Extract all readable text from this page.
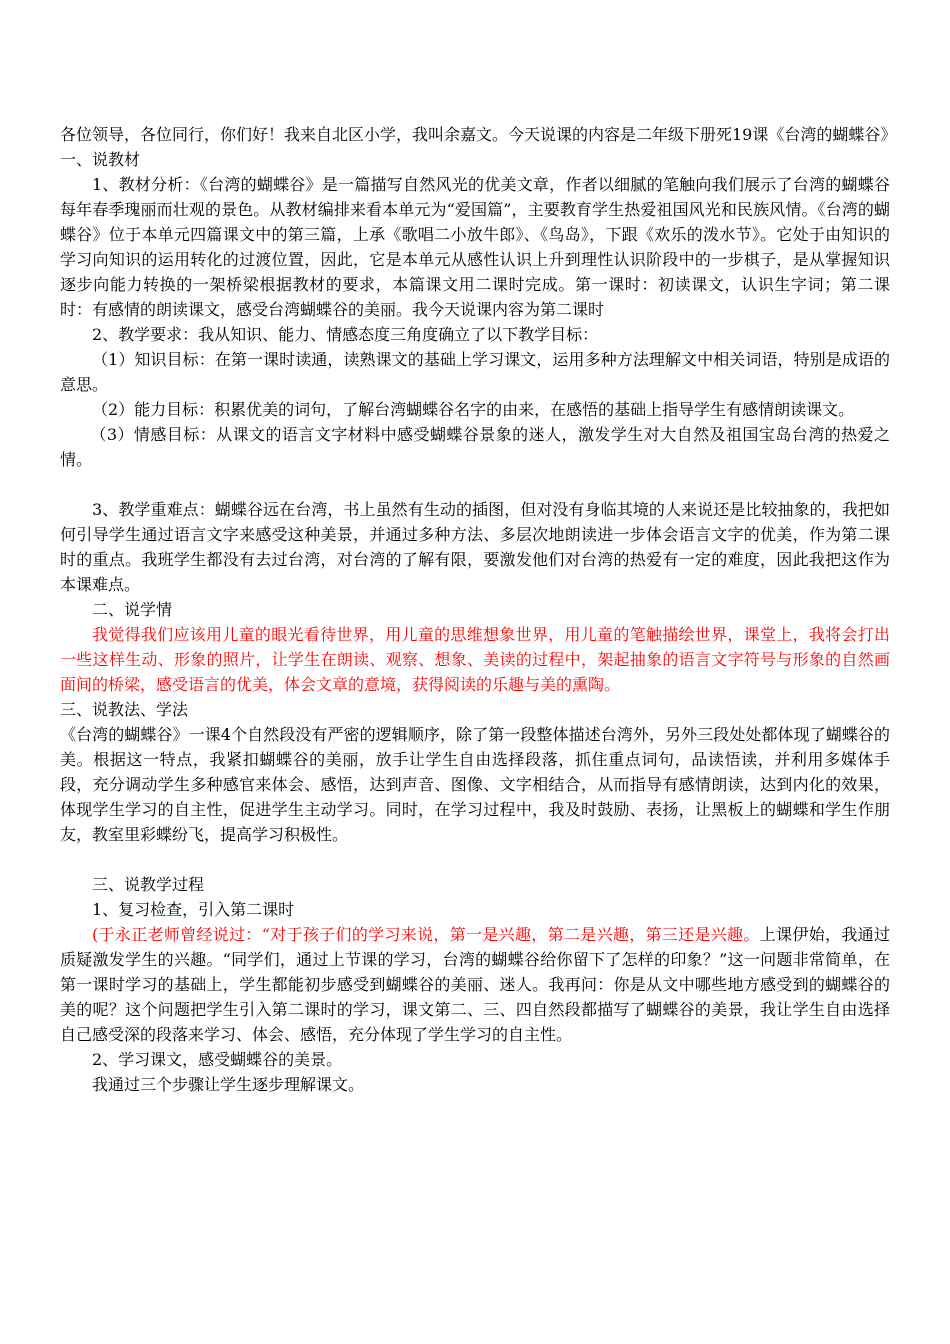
各位领导，各位同行，你们好！我来自北区小学，我叫余嘉文。今天说课的内容是二年级下册死19课《台湾的蝴蝶谷》

一、说教材

1、教材分析：《台湾的蝴蝶谷》是一篇描写自然风光的优美文章，作者以细腻的笔触向我们展示了台湾的蝴蝶谷每年春季瑰丽而壮观的景色。从教材编排来看本单元为“爱国篇”，主要教育学生热爱祖国风光和民族风情。《台湾的蝴蝶谷》位于本单元四篇课文中的第三篇，上承《歌唱二小放牛郎》、《鸟岛》，下跟《欢乐的泼水节》。它处于由知识的学习向知识的运用转化的过渡位置，因此，它是本单元从感性认识上升到理性认识阶段中的一步棋子，是从掌握知识逐步向能力转换的一架桥梁根据教材的要求，本篇课文用二课时完成。第一课时：初读课文，认识生字词；第二课时：有感情的朗读课文，感受台湾蝴蝶谷的美丽。我今天说课内容为第二课时

2、教学要求：我从知识、能力、情感态度三角度确立了以下教学目标：

（1）知识目标：在第一课时读通，读熟课文的基础上学习课文，运用多种方法理解文中相关词语，特别是成语的意思。

（2）能力目标：积累优美的词句，了解台湾蝴蝶谷名字的由来，在感悟的基础上指导学生有感情朗读课文。

（3）情感目标：从课文的语言文字材料中感受蝴蝶谷景象的迷人，激发学生对大自然及祖国宝岛台湾的热爱之情。

3、教学重难点：蝴蝶谷远在台湾，书上虽然有生动的插图，但对没有身临其境的人来说还是比较抽象的，我把如何引导学生通过语言文字来感受这种美景，并通过多种方法、多层次地朗读进一步体会语言文字的优美，作为第二课时的重点。我班学生都没有去过台湾，对台湾的了解有限，要激发他们对台湾的热爱有一定的难度，因此我把这作为本课难点。

二、说学情

我觉得我们应该用儿童的眼光看待世界，用儿童的思维想象世界，用儿童的笔触描绘世界，课堂上，我将会打出一些这样生动、形象的照片，让学生在朗读、观察、想象、美读的过程中，架起抽象的语言文字符号与形象的自然画面间的桥梁，感受语言的优美，体会文章的意境，获得阅读的乐趣与美的熏陶。

三、说教法、学法

《台湾的蝴蝶谷》一课4个自然段没有严密的逻辑顺序，除了第一段整体描述台湾外，另外三段处处都体现了蝴蝶谷的美。根据这一特点，我紧扣蝴蝶谷的美丽，放手让学生自由选择段落，抓住重点词句，品读悟读，并利用多媒体手段，充分调动学生多种感官来体会、感悟，达到声音、图像、文字相结合，从而指导有感情朗读，达到内化的效果，体现学生学习的自主性，促进学生主动学习。同时，在学习过程中，我及时鼓励、表扬，让黑板上的蝴蝶和学生作朋友，教室里彩蝶纷飞，提高学习积极性。

三、说教学过程

1、复习检查，引入第二课时

(于永正老师曾经说过：“对于孩子们的学习来说，第一是兴趣，第二是兴趣，第三还是兴趣。上课伊始，我通过质疑激发学生的兴趣。“同学们，通过上节课的学习，台湾的蝴蝶谷给你留下了怎样的印象？”这一问题非常简单，在第一课时学习的基础上，学生都能初步感受到蝴蝶谷的美丽、迷人。我再问：你是从文中哪些地方感受到的蝴蝶谷的美的呢？这个问题把学生引入第二课时的学习，课文第二、三、四自然段都描写了蝴蝶谷的美景，我让学生自由选择自己感受深的段落来学习、体会、感悟，充分体现了学生学习的自主性。

2、学习课文，感受蝴蝶谷的美景。

我通过三个步骤让学生逐步理解课文。
